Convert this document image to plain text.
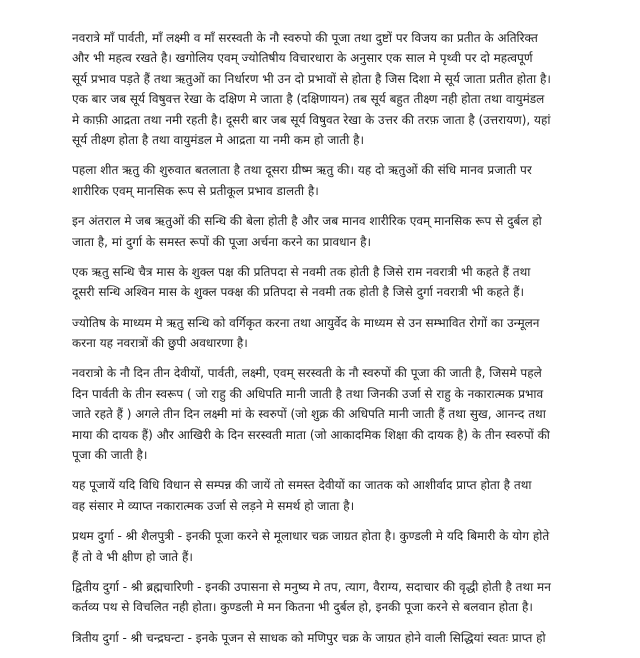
नवरात्रे माँ पार्वती, माँ लक्ष्मी व माँ सरस्वती के नौ स्वरुपो की पूजा तथा दुष्टों पर विजय का प्रतीत के अतिरिक्त
और भी महत्व रखते है। खगोलिय एवम् ज्योतिषीय विचारधारा के अनुसार एक साल मे पृथ्वी पर दो महत्वपूर्ण
सूर्य प्रभाव पड़ते हैं तथा ऋतुओं का निर्धारण भी उन दो प्रभावों से होता है जिस दिशा मे सूर्य जाता प्रतीत होता है।
एक बार जब सूर्य विषुवत्त रेखा के दक्षिण मे जाता है (दक्षिणायन) तब सूर्य बहुत तीक्ष्ण नही होता तथा वायुमंडल
मे काफ़ी आद्रता तथा नमी रहती है। दूसरी बार जब सूर्य विषुवत रेखा के उत्तर की तरफ़ जाता है (उत्तरायण), यहां
सूर्य तीक्ष्ण होता है तथा वायुमंडल मे आद्रता या नमी कम हो जाती है।
पहला शीत ऋतु की शुरुवात बतलाता है तथा दूसरा ग्रीष्म ऋतु की। यह दो ऋतुओं की संधि मानव प्रजाती पर
शारीरिक एवम् मानसिक रूप से प्रतीकूल प्रभाव डालती है।
इन अंतराल मे जब ऋतुओं की सन्धि की बेला होती है और जब मानव शारीरिक एवम् मानसिक रूप से दुर्बल हो
जाता है, मां दुर्गा के समस्त रूपों की पूजा अर्चना करने का प्रावधान है।
एक ऋतु सन्धि चैत्र मास के शुक्ल पक्ष की प्रतिपदा से नवमी तक होती है जिसे राम नवरात्री भी कहते हैं तथा
दूसरी सन्धि अश्विन मास के शुक्ल पक्क्ष की प्रतिपदा से नवमी तक होती है जिसे दुर्गा नवरात्री भी कहते हैं।
ज्योतिष के माध्यम मे ऋतु सन्धि को वर्गिकृत करना तथा आयुर्वेद के माध्यम से उन सम्भावित रोगों का उन्मूलन
करना यह नवरात्रों की छुपी अवधारणा है।
नवरात्रो के नौ दिन तीन देवीयों, पार्वती, लक्ष्मी, एवम् सरस्वती के नौ स्वरुपों की पूजा की जाती है, जिसमे पहले
दिन पार्वती के तीन स्वरूप ( जो राहु की अधिपति मानी जाती है तथा जिनकी उर्जा से राहु के नकारात्मक प्रभाव
जाते रहते हैं ) अगले तीन दिन लक्ष्मी मां के स्वरुपों (जो शुक्र की अधिपति मानी जाती हैं तथा सुख, आनन्द तथा
माया की दायक हैं) और आखिरी के दिन सरस्वती माता (जो आकादमिक शिक्षा की दायक है) के तीन स्वरुपों की
पूजा की जाती है।
यह पूजायें यदि विधि विधान से सम्पन्न की जायें तो समस्त देवीयों का जातक को आशीर्वाद प्राप्त होता है तथा
वह संसार मे व्याप्त नकारात्मक उर्जा से लड़ने मे समर्थ हो जाता है।
प्रथम दुर्गा - श्री शैलपुत्री - इनकी पूजा करने से मूलाधार चक्र जाग्रत होता है। कुण्डली मे यदि बिमारी के योग होते
हैं तो वे भी क्षीण हो जाते हैं।
द्वितीय दुर्गा - श्री ब्रह्मचारिणी - इनकी उपासना से मनुष्य मे तप, त्याग, वैराग्य, सदाचार की वृद्धी होती है तथा मन
कर्तव्य पथ से विचलित नही होता। कुण्डली मे मन कितना भी दुर्बल हो, इनकी पूजा करने से बलवान होता है।
त्रितीय दुर्गा - श्री चन्द्रघन्टा - इनके पूजन से साधक को मणिपुर चक्र के जाग्रत होने वाली सिद्धियां स्वतः प्राप्त हो
